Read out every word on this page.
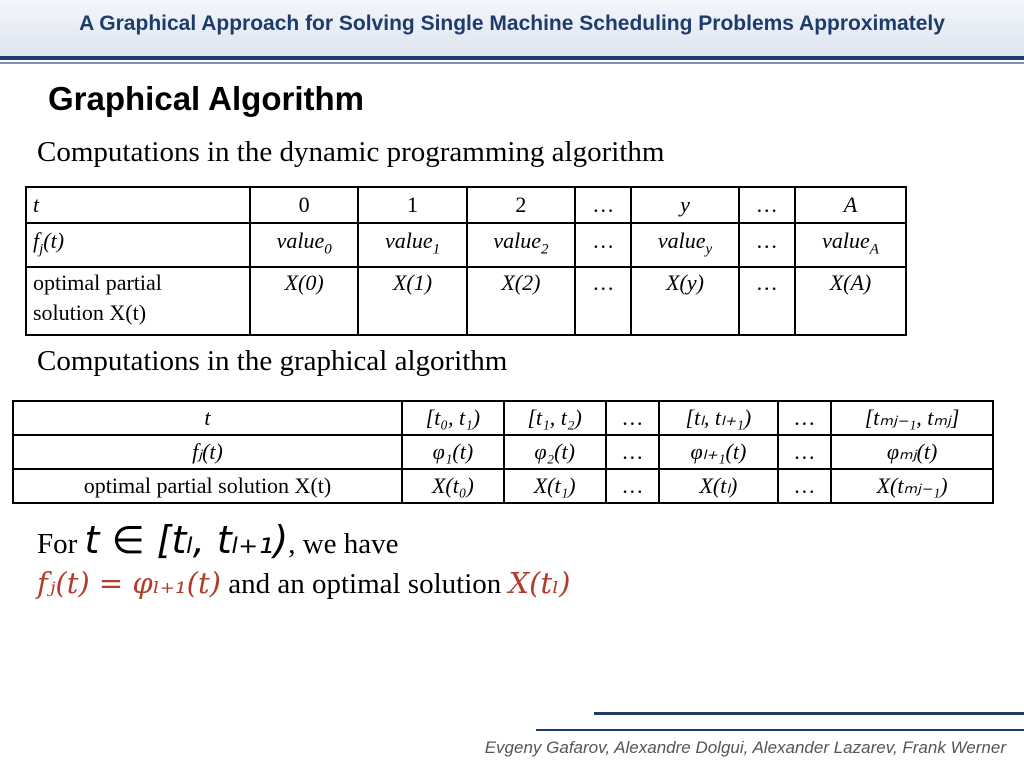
A Graphical Approach for Solving Single Machine Scheduling Problems Approximately
Graphical Algorithm
Computations in the dynamic programming algorithm
t	0	1	2	…	y	…	A
$f_j(t)$	value$_0$	value$_1$	value$_2$	…	value$_y$	…	value$_A$
optimal partial
solution X(t)	X(0)	X(1)	X(2)	…	X(y)	…	X(A)
Computations in the graphical algorithm
t	[t₀, t₁)	[t₁, t₂)	…	[tₗ, tₗ₊₁)	…	[tₘⱼ₋₁, tₘⱼ]
fⱼ(t)	φ₁(t)	φ₂(t)	…	φₗ₊₁(t)	…	φₘⱼ(t)
optimal partial solution X(t)	X(t₀)	X(t₁)	…	X(tₗ)	…	X(tₘⱼ₋₁)
For t ∈ [tₗ, tₗ₊₁), we have
fⱼ(t) = φₗ₊₁(t) and an optimal solution X(tₗ)
Evgeny Gafarov, Alexandre Dolgui, Alexander Lazarev, Frank Werner
